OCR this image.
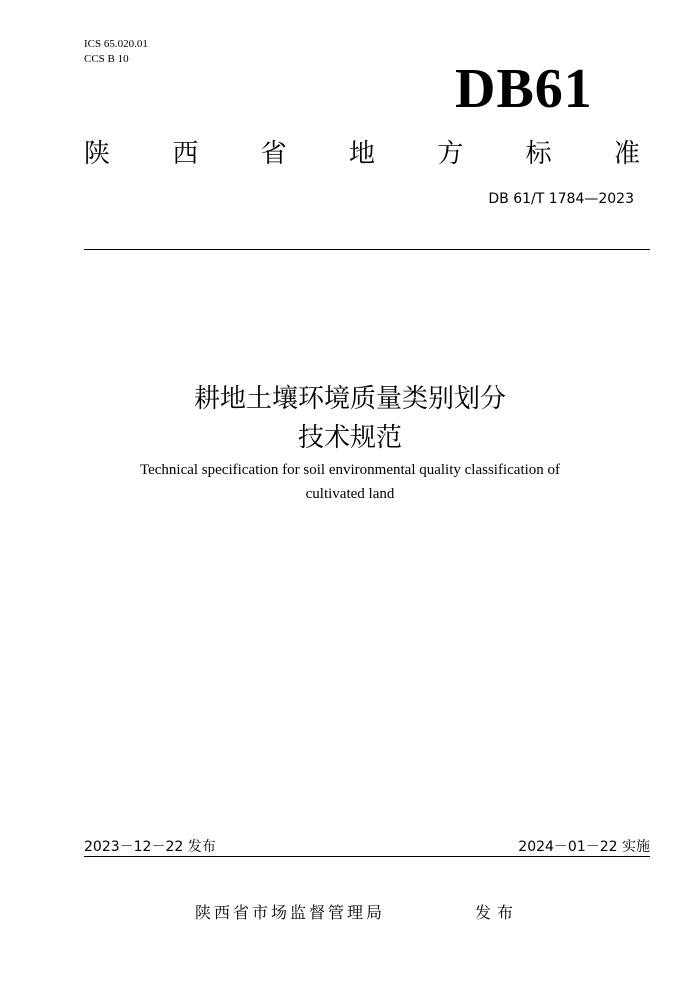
ICS 65.020.01
CCS B 10	DB61
陕 西 省 地 方 标 准
DB 61/T 1784—2023
耕地土壤环境质量类别划分
技术规范
Technical specification for soil environmental quality classification of
cultivated land
2023－12－22 发布	2024－01－22 实施
陕西省市场监督管理局	发布
